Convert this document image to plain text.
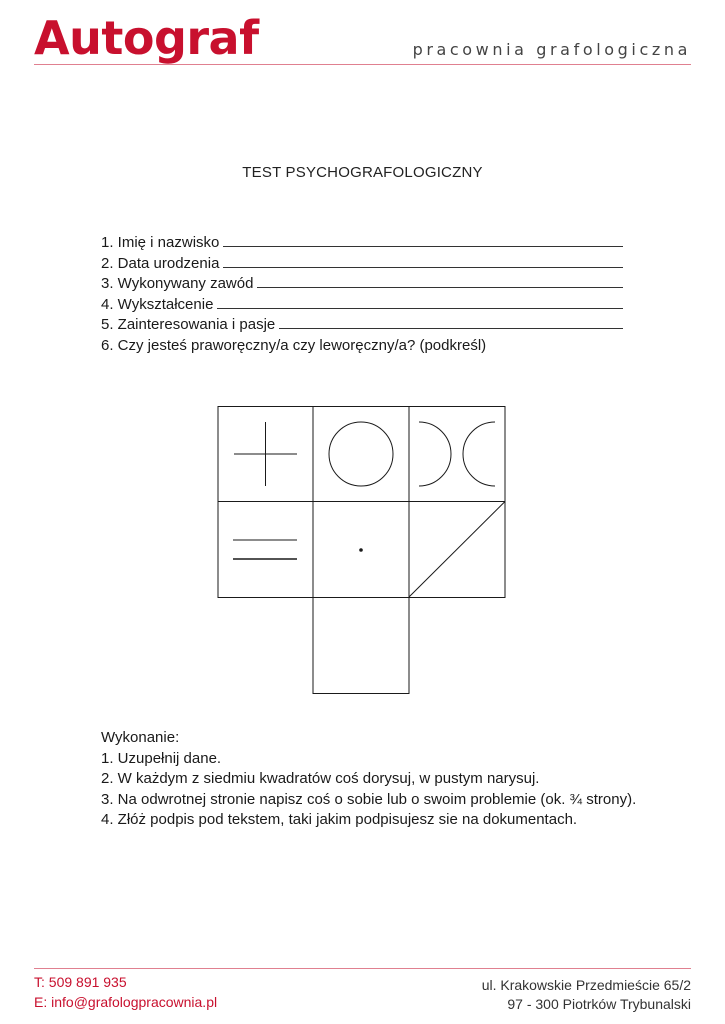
Autograf	pracownia grafologiczna
TEST PSYCHOGRAFOLOGICZNY
1. Imię i nazwisko
2. Data urodzenia
3. Wykonywany zawód
4. Wykształcenie
5. Zainteresowania i pasje
6. Czy jesteś praworęczny/a czy leworęczny/a? (podkreśl)
Wykonanie:
1. Uzupełnij dane.
2. W każdym z siedmiu kwadratów coś dorysuj, w pustym narysuj.
3. Na odwrotnej stronie napisz coś o sobie lub o swoim problemie (ok. ¾ strony).
4. Złóż podpis pod tekstem, taki jakim podpisujesz sie na dokumentach.
T: 509 891 935
E: info@grafologpracownia.pl
ul. Krakowskie Przedmieście 65/2
97 - 300 Piotrków Trybunalski
